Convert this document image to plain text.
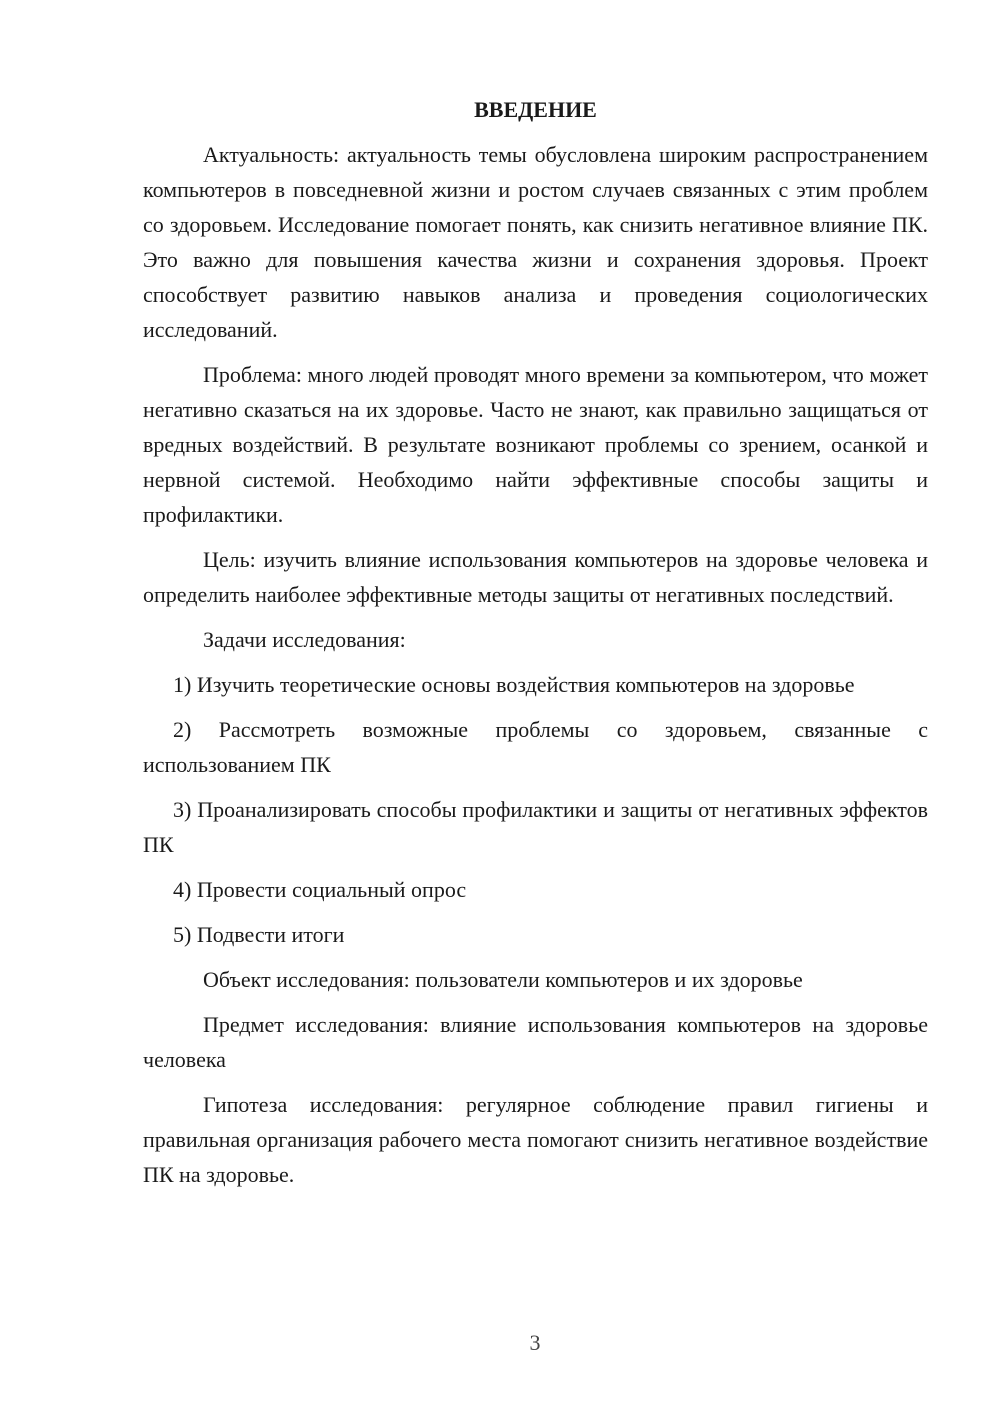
ВВЕДЕНИЕ

Актуальность: актуальность темы обусловлена широким распространением компьютеров в повседневной жизни и ростом случаев связанных с этим проблем со здоровьем. Исследование помогает понять, как снизить негативное влияние ПК. Это важно для повышения качества жизни и сохранения здоровья. Проект способствует развитию навыков анализа и проведения социологических исследований.

Проблема: много людей проводят много времени за компьютером, что может негативно сказаться на их здоровье. Часто не знают, как правильно защищаться от вредных воздействий. В результате возникают проблемы со зрением, осанкой и нервной системой. Необходимо найти эффективные способы защиты и профилактики.

Цель: изучить влияние использования компьютеров на здоровье человека и определить наиболее эффективные методы защиты от негативных последствий.

Задачи исследования:

1) Изучить теоретические основы воздействия компьютеров на здоровье

2) Рассмотреть возможные проблемы со здоровьем, связанные с использованием ПК

3) Проанализировать способы профилактики и защиты от негативных эффектов ПК

4) Провести социальный опрос

5) Подвести итоги

Объект исследования: пользователи компьютеров и их здоровье

Предмет исследования: влияние использования компьютеров на здоровье человека

Гипотеза исследования: регулярное соблюдение правил гигиены и правильная организация рабочего места помогают снизить негативное воздействие ПК на здоровье.

3
